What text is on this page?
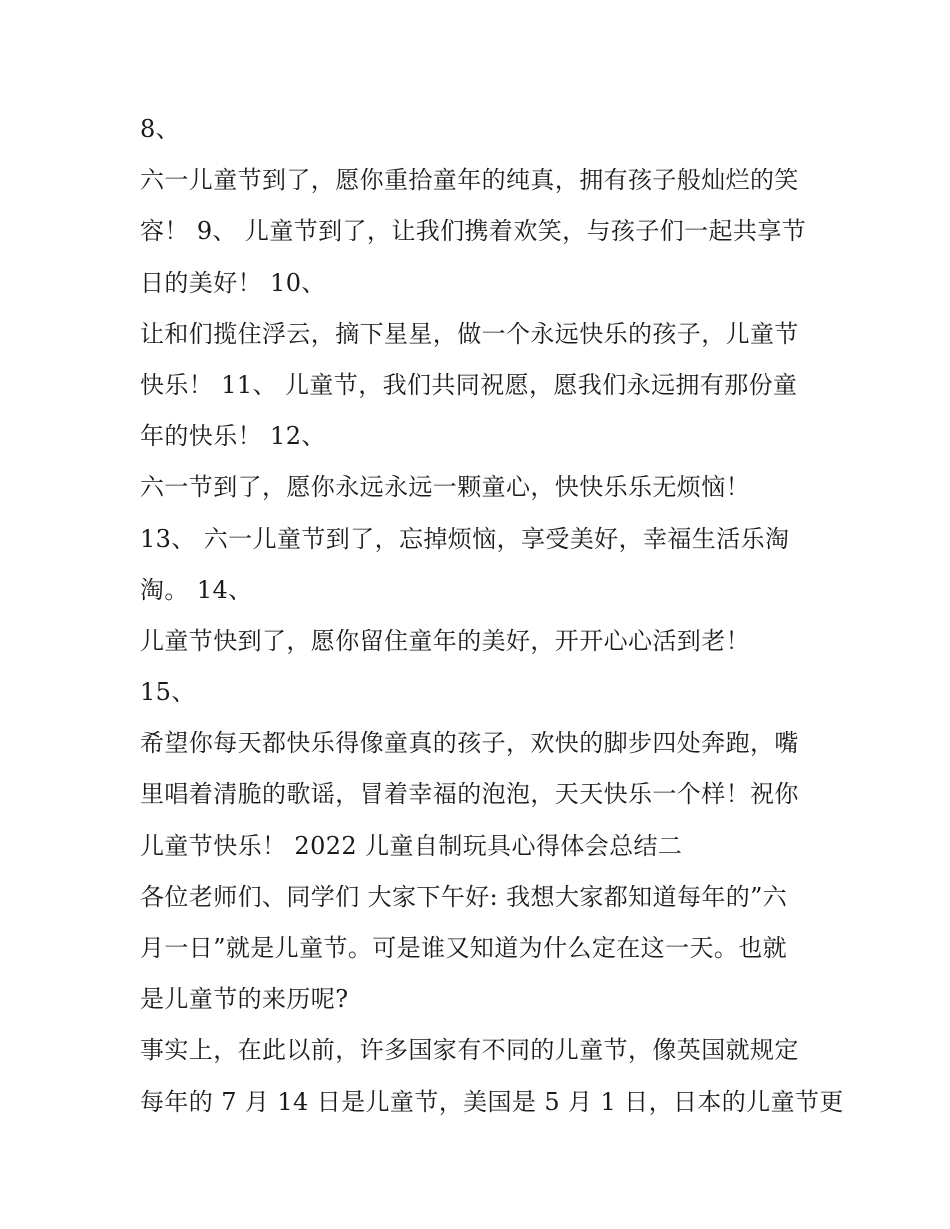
8、
六一儿童节到了，愿你重拾童年的纯真，拥有孩子般灿烂的笑
容！ 9、 儿童节到了，让我们携着欢笑，与孩子们一起共享节
日的美好！ 10、
让和们揽住浮云，摘下星星，做一个永远快乐的孩子，儿童节
快乐！ 11、 儿童节，我们共同祝愿，愿我们永远拥有那份童
年的快乐！ 12、
六一节到了，愿你永远永远一颗童心，快快乐乐无烦恼！
13、 六一儿童节到了，忘掉烦恼，享受美好，幸福生活乐淘
淘。 14、
儿童节快到了，愿你留住童年的美好，开开心心活到老！
15、
希望你每天都快乐得像童真的孩子，欢快的脚步四处奔跑，嘴
里唱着清脆的歌谣，冒着幸福的泡泡，天天快乐一个样！祝你
儿童节快乐！ 2022 儿童自制玩具心得体会总结二
各位老师们、同学们 大家下午好: 我想大家都知道每年的”六
月一日”就是儿童节。可是谁又知道为什么定在这一天。也就
是儿童节的来历呢?
事实上，在此以前，许多国家有不同的儿童节，像英国就规定
每年的 7 月 14 日是儿童节，美国是 5 月 1 日，日本的儿童节更
